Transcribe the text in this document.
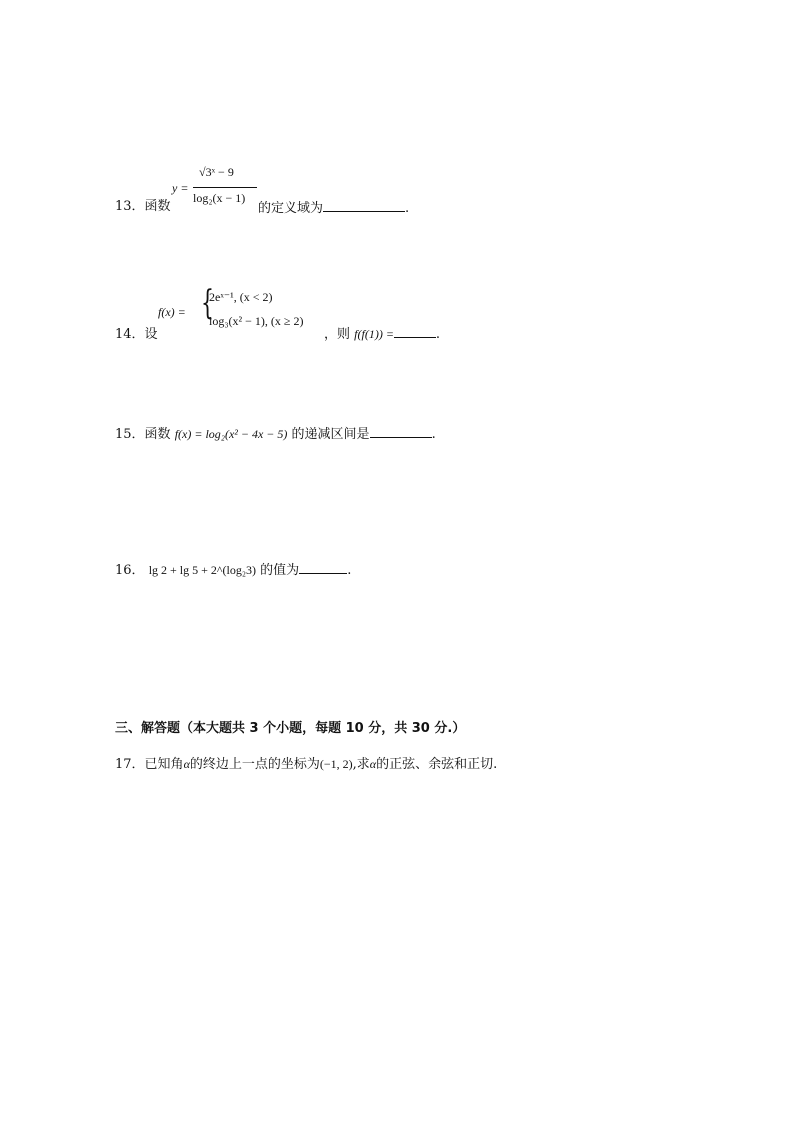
y =
√3ˣ − 9
log₂(x − 1)
13．函数	的定义域为	.
f(x) = {
2eˣ⁻¹, (x < 2)
log₃(x² − 1), (x ≥ 2)
14．设	，则 f(f(1)) =	.
15．函数 f(x) = log₂(x² − 4x − 5) 的递减区间是	.
16． lg 2 + lg 5 + 2^(log₂3) 的值为	.
三、解答题（本大题共 3 个小题，每题 10 分，共 30 分.）
17．已知角α的终边上一点的坐标为(−1, 2),求α的正弦、余弦和正切.
